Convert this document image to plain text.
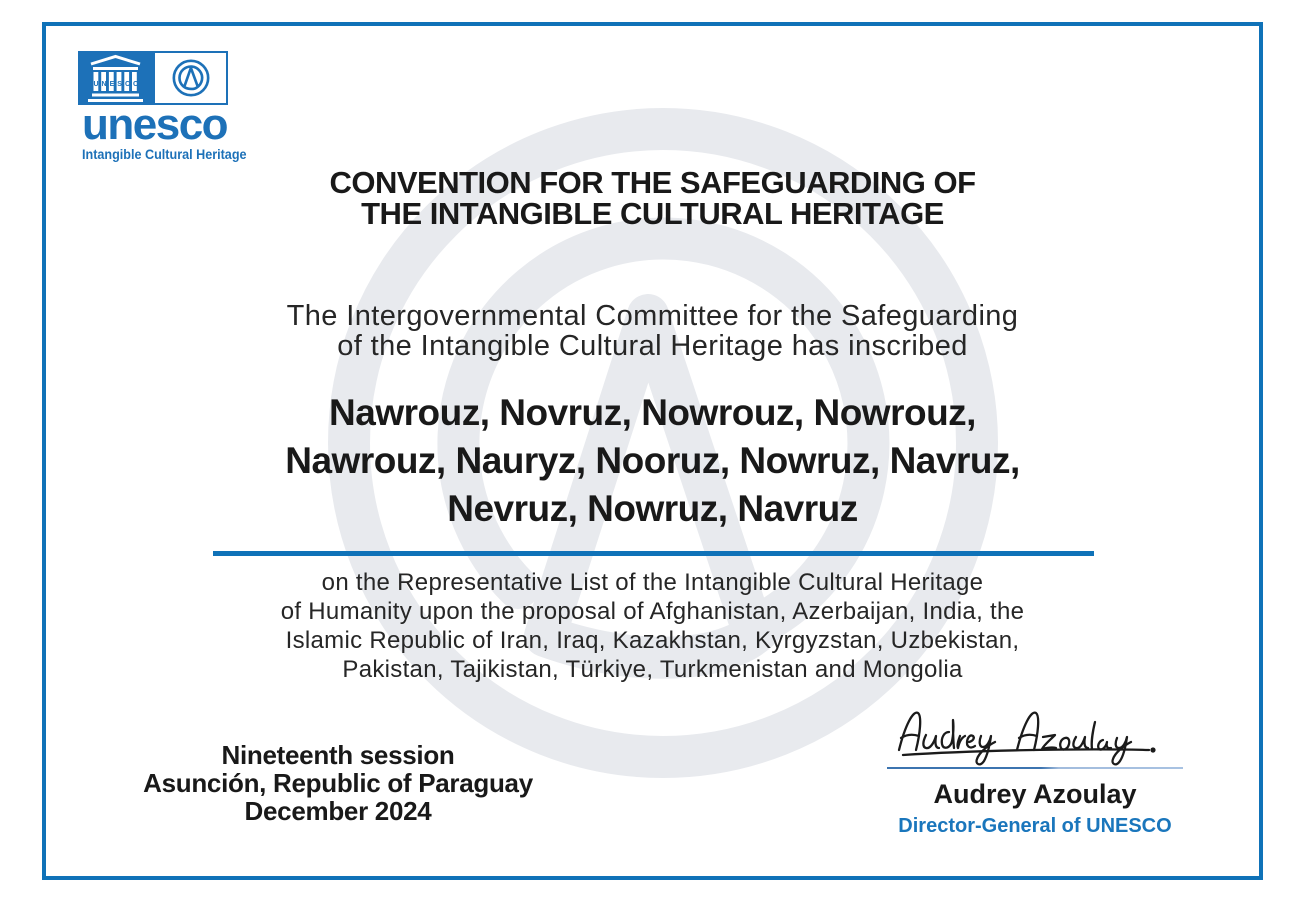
UNESCO
unesco
Intangible Cultural Heritage
CONVENTION FOR THE SAFEGUARDING OF
THE INTANGIBLE CULTURAL HERITAGE
The Intergovernmental Committee for the Safeguarding
of the Intangible Cultural Heritage has inscribed
Nawrouz, Novruz, Nowrouz, Nowrouz,
Nawrouz, Nauryz, Nooruz, Nowruz, Navruz,
Nevruz, Nowruz, Navruz
on the Representative List of the Intangible Cultural Heritage
of Humanity upon the proposal of Afghanistan, Azerbaijan, India, the
Islamic Republic of Iran, Iraq, Kazakhstan, Kyrgyzstan, Uzbekistan,
Pakistan, Tajikistan, Türkiye, Turkmenistan and Mongolia
Nineteenth session
Asunción, Republic of Paraguay
December 2024
Audrey Azoulay
Director-General of UNESCO
